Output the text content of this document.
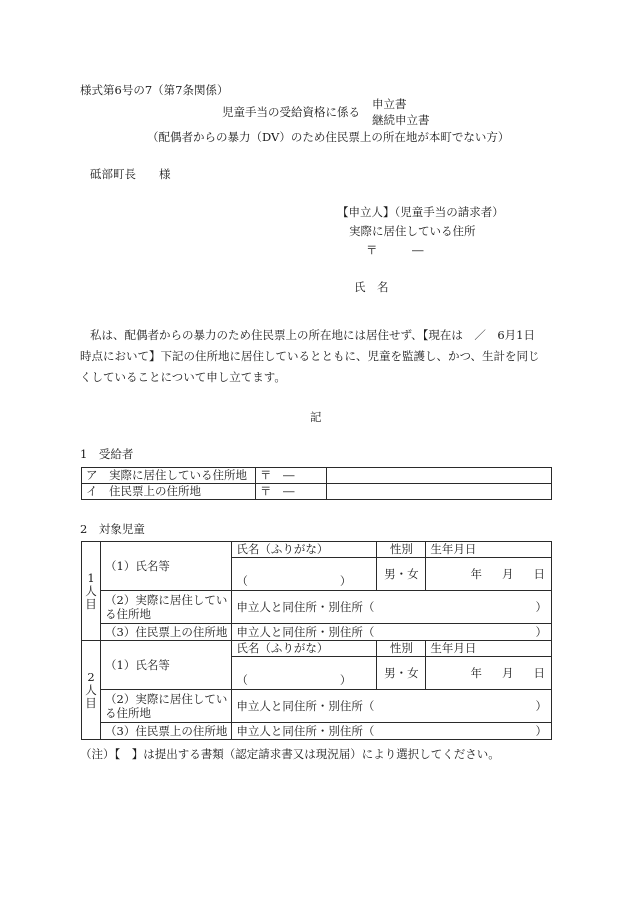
様式第6号の7（第7条関係）
児童手当の受給資格に係る
申立書
継続申立書
（配偶者からの暴力（DV）のため住民票上の所在地が本町でない方）
砥部町長　　様
【申立人】（児童手当の請求者）
実際に居住している住所
〒　　　―
氏　名
私は、配偶者からの暴力のため住民票上の所在地には居住せず、【現在は　／　6月1日
時点において】下記の住所地に居住しているとともに、児童を監護し、かつ、生計を同じ
くしていることについて申し立てます。
記
1　受給者
ア　実際に居住している住所地	〒　―	
イ　住民票上の住所地	〒　―	
2　対象児童
1人目	（1）氏名等	氏名（ふりがな）	性別	生年月日
		（　　　　　　　　）	男・女	年 月 日

	（2）実際に居住している住所地	申立人と同住所・別住所（ ）		

	（3）住民票上の住所地	申立人と同住所・別住所（ ）		

2人目	（1）氏名等	氏名（ふりがな）	性別	生年月日
		（　　　　　　　　）	男・女	年 月 日

	（2）実際に居住している住所地	申立人と同住所・別住所（ ）		

	（3）住民票上の住所地	申立人と同住所・別住所（ ）		
（注）【　】は提出する書類（認定請求書又は現況届）により選択してください。
